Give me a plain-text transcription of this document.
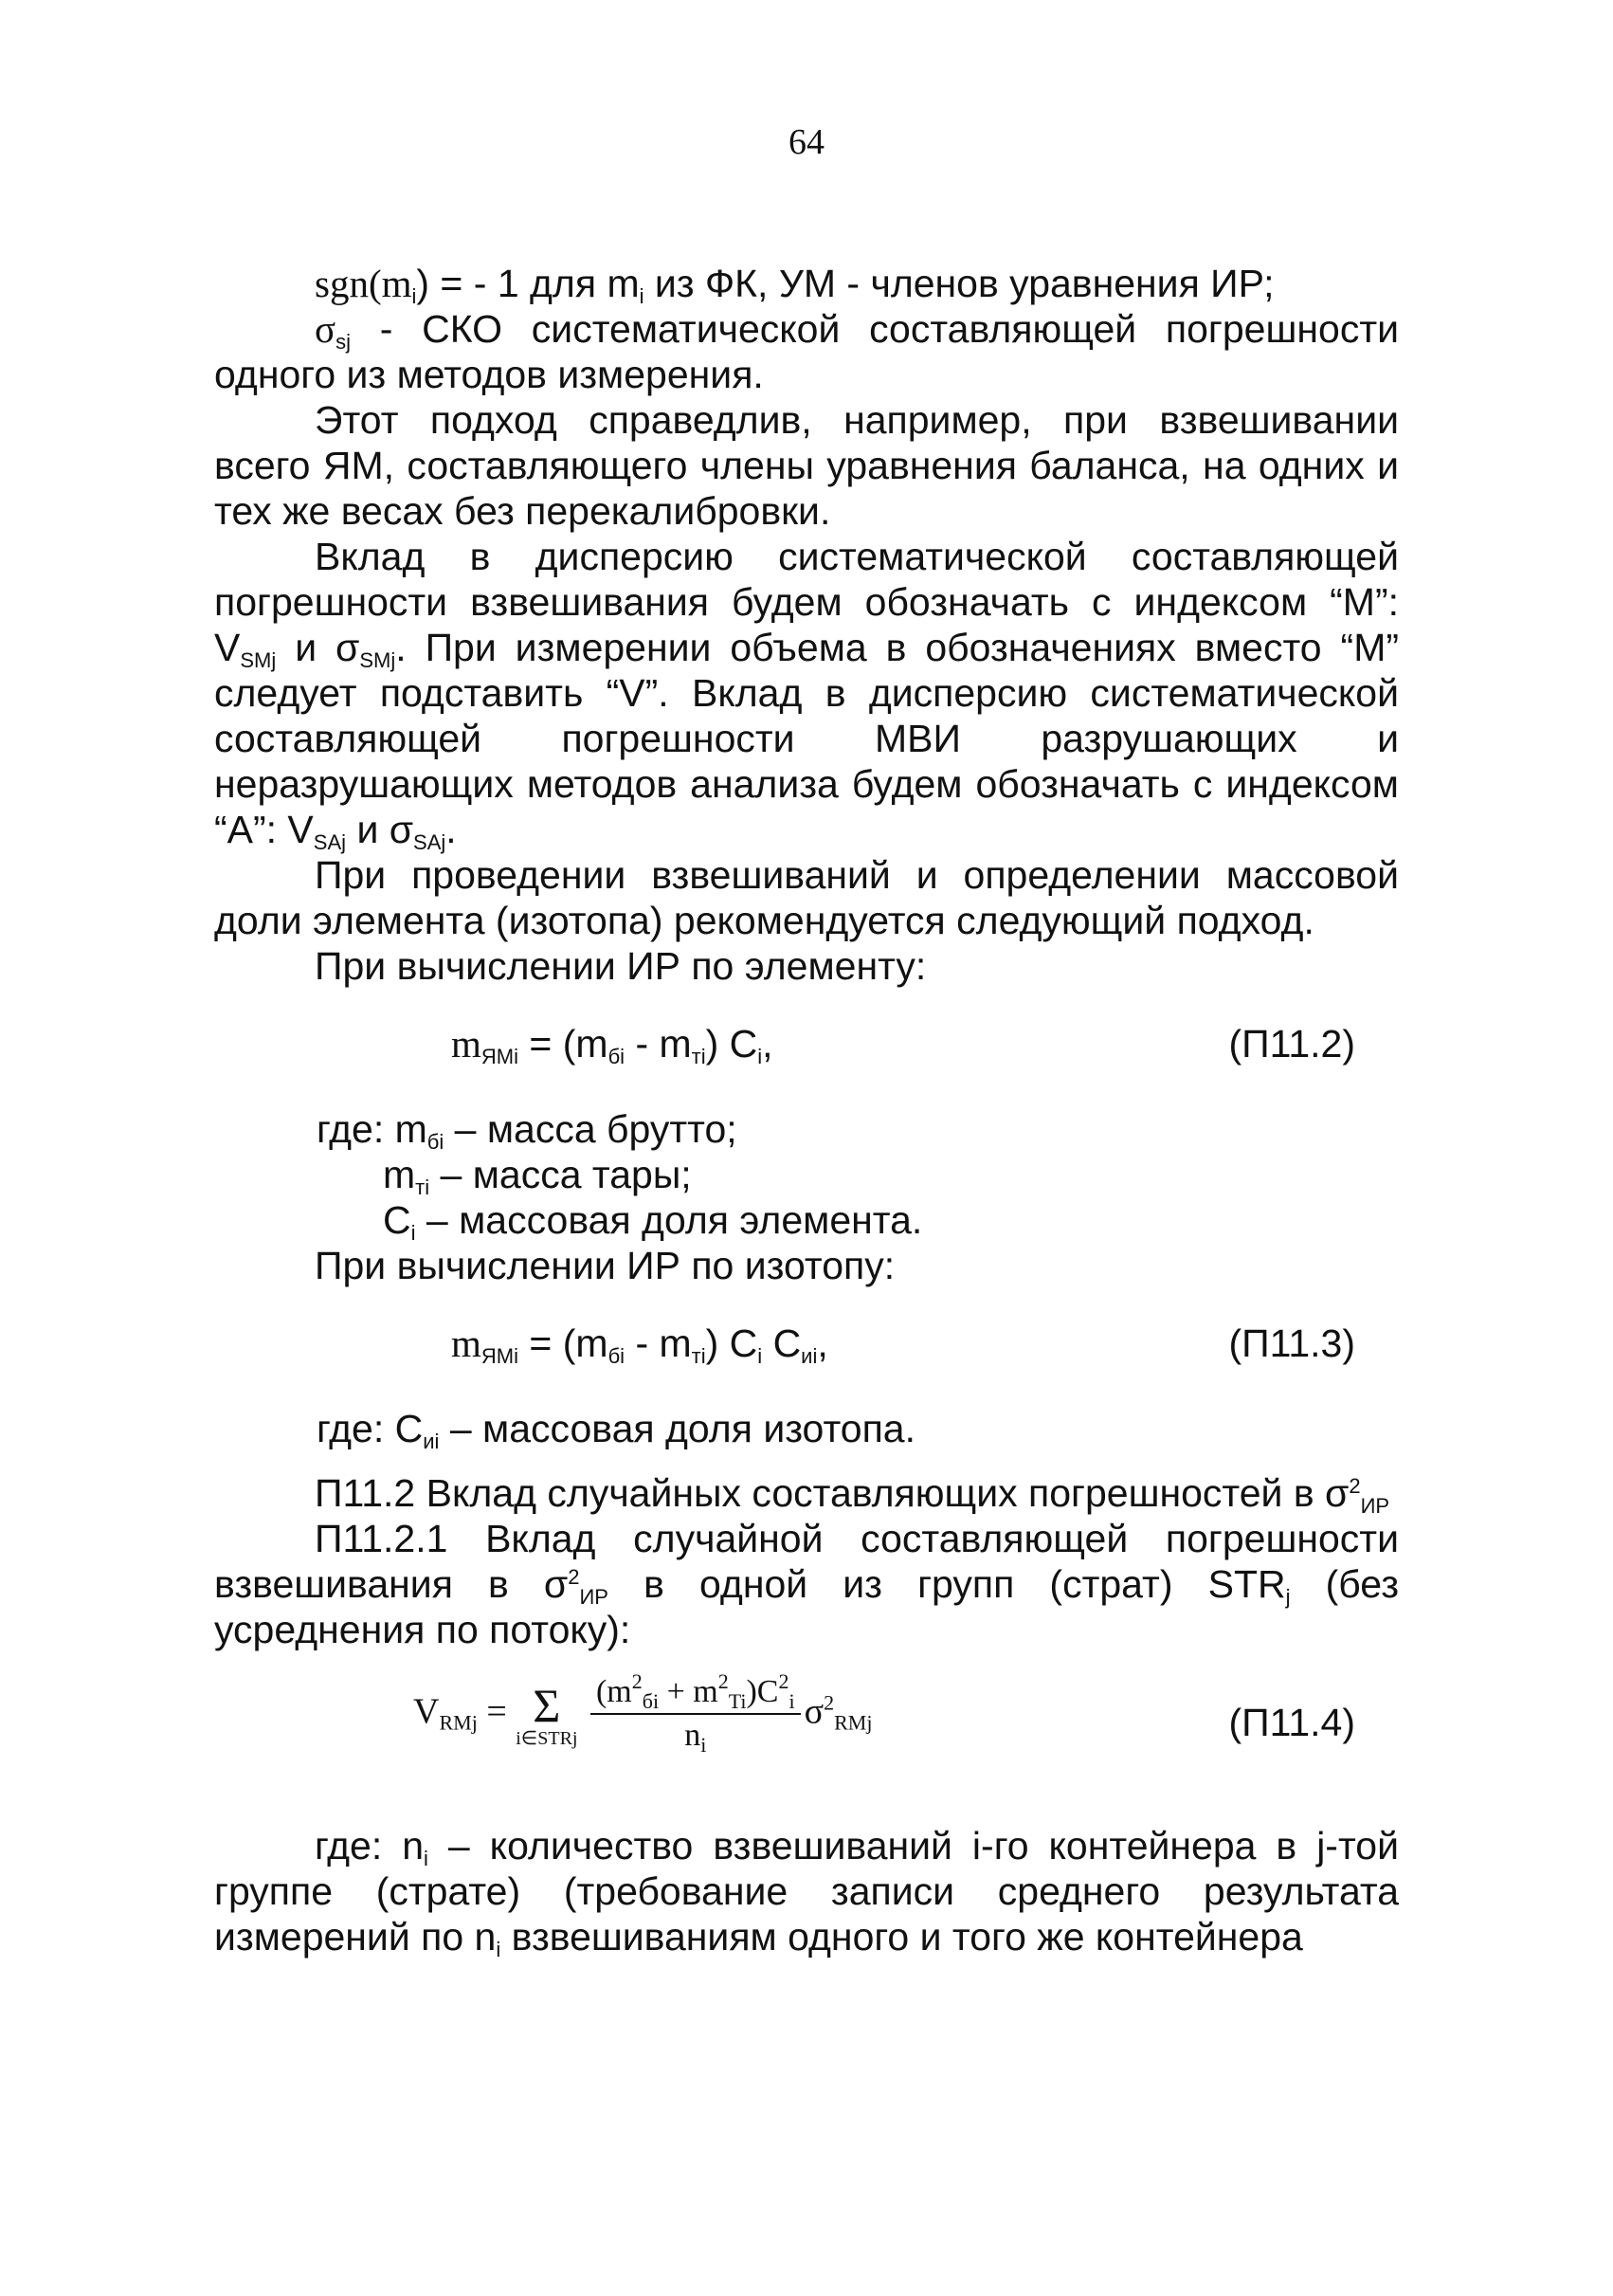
64

$sgn(m_i)$ = - 1 для $m_i$ из ФК, УМ - членов уравнения ИР;

$\sigma_{sj}$ - СКО систематической составляющей погрешности одного из методов измерения.

Этот подход справедлив, например, при взвешивании всего ЯМ, составляющего члены уравнения баланса, на одних и тех же весах без перекалибровки.

Вклад в дисперсию систематической составляющей погрешности взвешивания будем обозначать с индексом “M”: $V_{SMj}$ и $\sigma_{SMj}$. При измерении объема в обозначениях вместо “М” следует подставить “V”. Вклад в дисперсию систематической составляющей погрешности МВИ разрушающих и неразрушающих методов анализа будем обозначать с индексом “A”: $V_{SAj}$ и $\sigma_{SAj}$.

При проведении взвешиваний и определении массовой доли элемента (изотопа) рекомендуется следующий подход.

При вычислении ИР по элементу:

$m_{ЯМi} = (m_{бi} - m_{тi})$ $C_i$,	(П11.2)
где: $m_{бi}$ – масса брутто;
$m_{тi}$ – масса тары;
$C_i$ – массовая доля элемента.

При вычислении ИР по изотопу:

$m_{ЯМi} = (m_{бi} - m_{тi})$ $C_i$ $C_{иi}$,	(П11.3)
где: $C_{иi}$ – массовая доля изотопа.

П11.2 Вклад случайных составляющих погрешностей в $\sigma^2_{ИР}$

П11.2.1 Вклад случайной составляющей погрешности взвешивания в $\sigma^2_{ИР}$ в одной из групп (страт) $STR_j$ (без усреднения по потоку):

$V_{RMj} = \Sigma$
i∈STRj
$\frac{(m^2_{бi} + m^2_{Ti})C^2_i}{n_i} \sigma^2_{RMj}$	(П11.4)

где: $n_i$ – количество взвешиваний i-го контейнера в j-той группе (страте) (требование записи среднего результата измерений по $n_i$ взвешиваниям одного и того же контейнера
